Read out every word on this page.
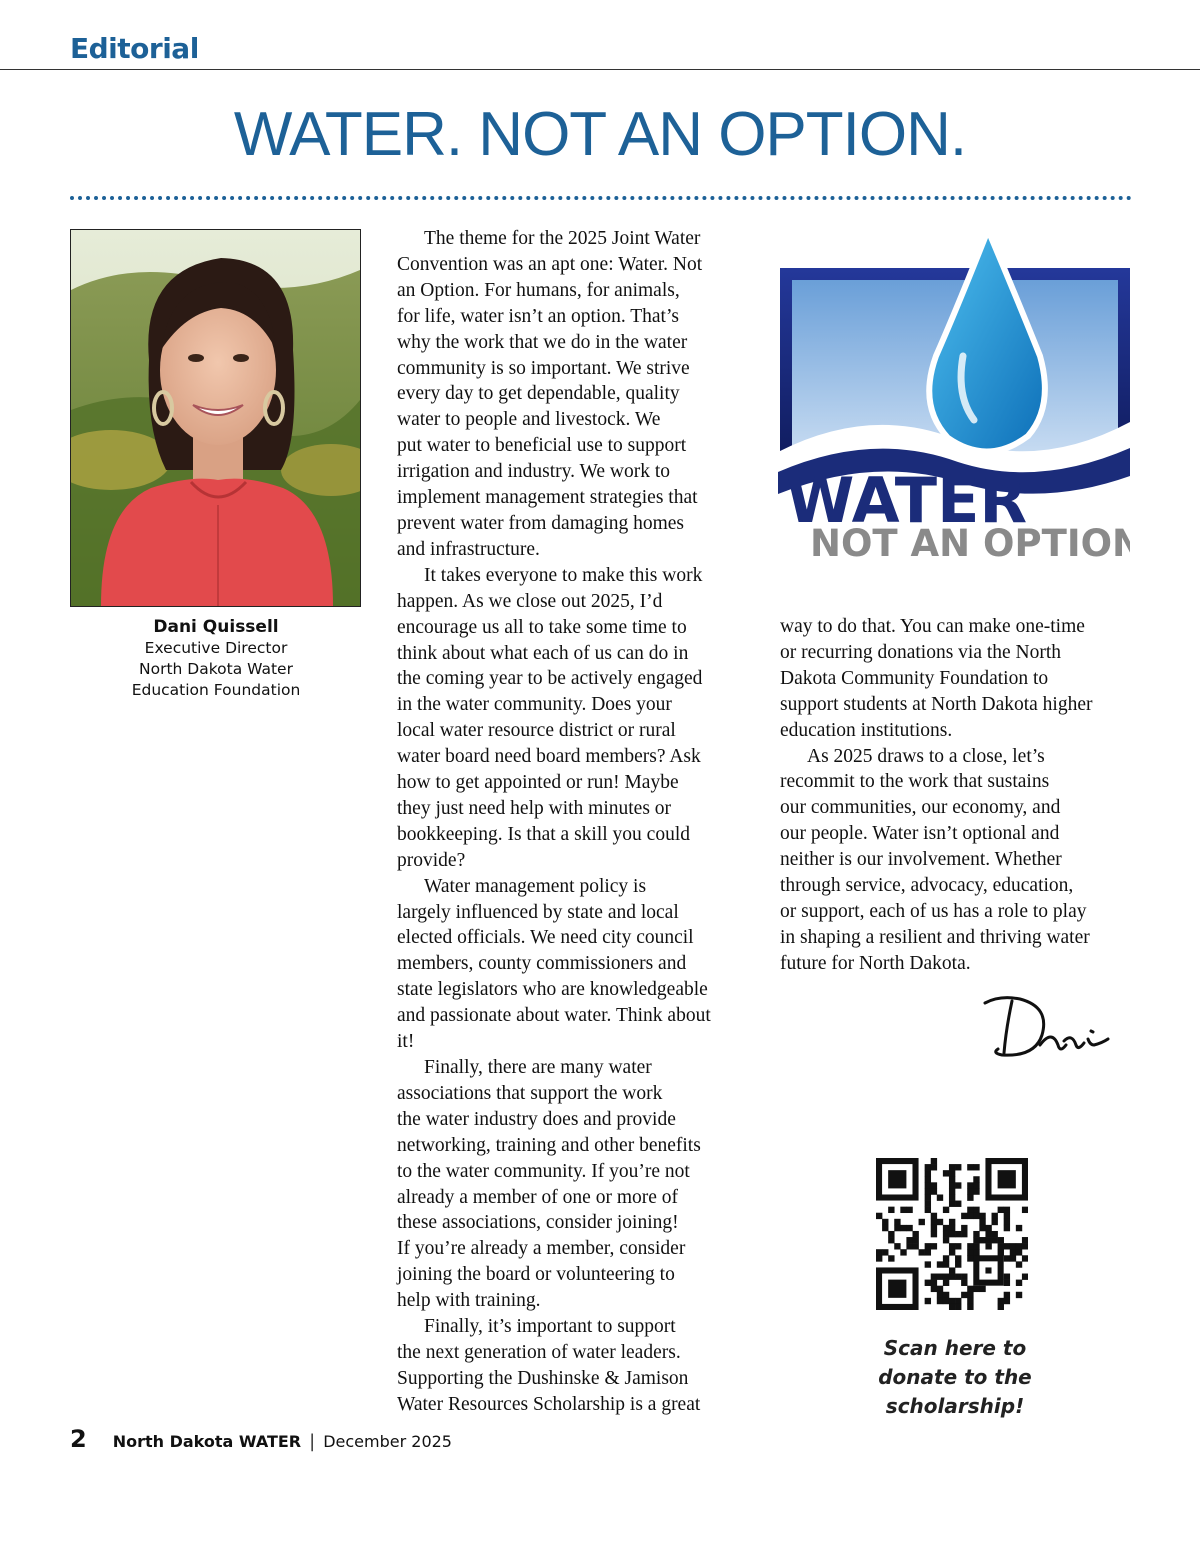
Editorial
WATER. NOT AN OPTION.
Dani Quissell
Executive Director
North Dakota Water
Education Foundation

The theme for the 2025 Joint Water
Convention was an apt one: Water. Not
an Option. For humans, for animals,
for life, water isn’t an option. That’s
why the work that we do in the water
community is so important. We strive
every day to get dependable, quality
water to people and livestock. We
put water to beneficial use to support
irrigation and industry. We work to
implement management strategies that
prevent water from damaging homes
and infrastructure.

It takes everyone to make this work
happen. As we close out 2025, I’d
encourage us all to take some time to
think about what each of us can do in
the coming year to be actively engaged
in the water community. Does your
local water resource district or rural
water board need board members? Ask
how to get appointed or run! Maybe
they just need help with minutes or
bookkeeping. Is that a skill you could
provide?

Water management policy is
largely influenced by state and local
elected officials. We need city council
members, county commissioners and
state legislators who are knowledgeable
and passionate about water. Think about
it!

Finally, there are many water
associations that support the work
the water industry does and provide
networking, training and other benefits
to the water community. If you’re not
already a member of one or more of
these associations, consider joining!
If you’re already a member, consider
joining the board or volunteering to
help with training.

Finally, it’s important to support
the next generation of water leaders.
Supporting the Dushinske & Jamison
Water Resources Scholarship is a great

WATER
NOT AN OPTION

way to do that. You can make one-time
or recurring donations via the North
Dakota Community Foundation to
support students at North Dakota higher
education institutions.

As 2025 draws to a close, let’s
recommit to the work that sustains
our communities, our economy, and
our people. Water isn’t optional and
neither is our involvement. Whether
through service, advocacy, education,
or support, each of us has a role to play
in shaping a resilient and thriving water
future for North Dakota.

Scan here to
donate to the
scholarship!
2 North Dakota WATER | December 2025
